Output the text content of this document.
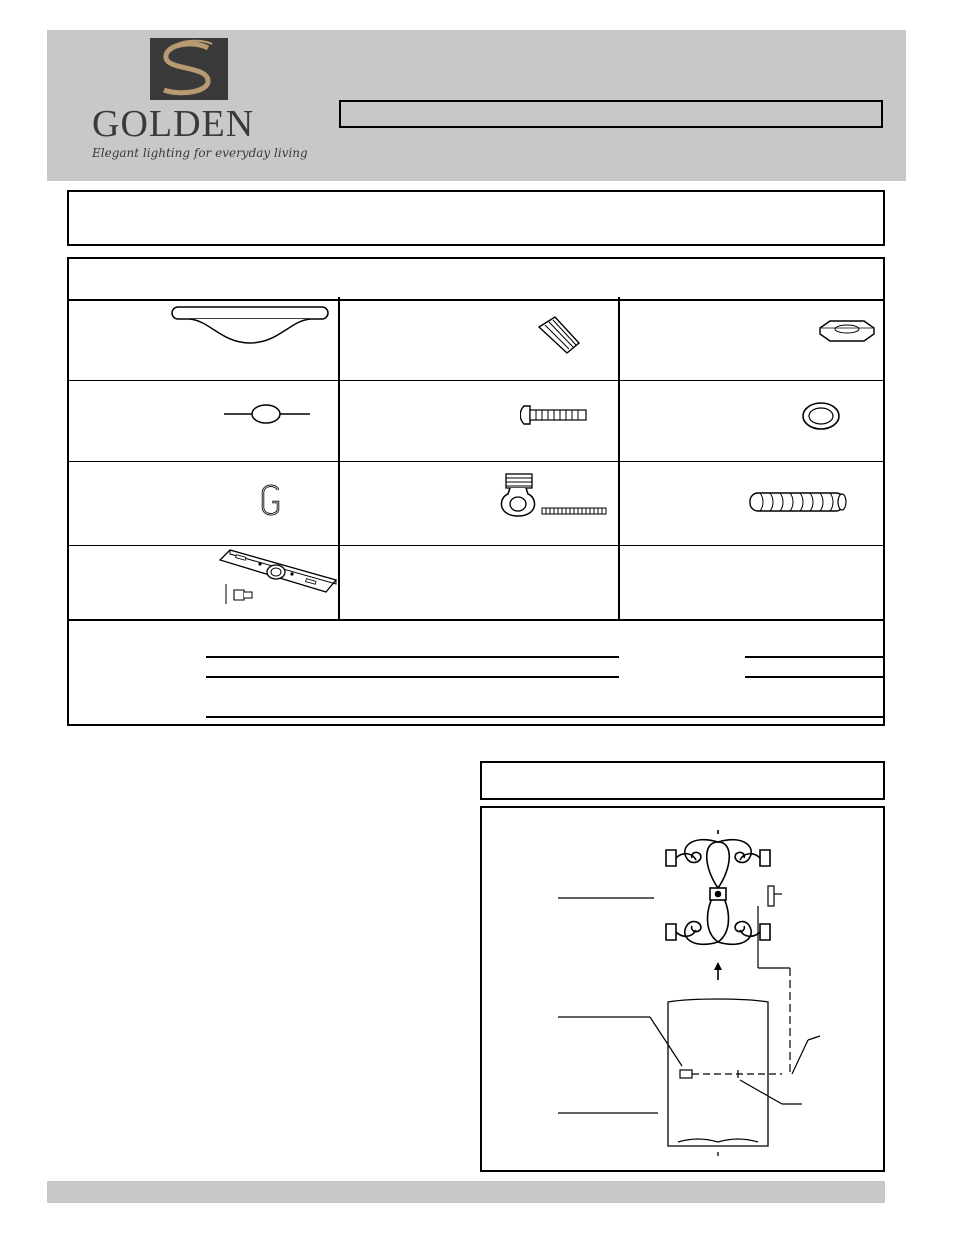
GOLDEN
Elegant lighting for everyday living
